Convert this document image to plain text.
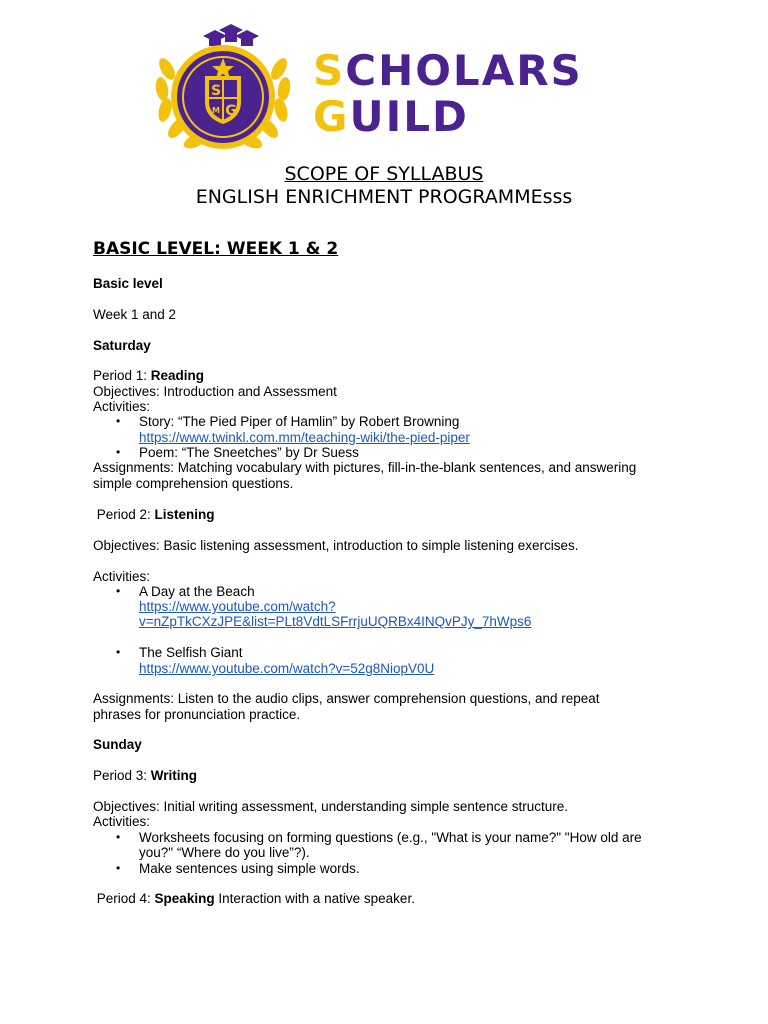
S
G
M
SCHOLARS
GUILD
SCOPE OF SYLLABUS
ENGLISH ENRICHMENT PROGRAMMEsss
BASIC LEVEL: WEEK 1 & 2
Basic level
Week 1 and 2
Saturday
Period 1: Reading
Objectives: Introduction and Assessment
Activities:
• Story: “The Pied Piper of Hamlin” by Robert Browning
https://www.twinkl.com.mm/teaching-wiki/the-pied-piper
• Poem: “The Sneetches” by Dr Suess
Assignments: Matching vocabulary with pictures, fill-in-the-blank sentences, and answering
simple comprehension questions.
Period 2: Listening
Objectives: Basic listening assessment, introduction to simple listening exercises.
Activities:
• A Day at the Beach
https://www.youtube.com/watch?
v=nZpTkCXzJPE&list=PLt8VdtLSFrrjuUQRBx4INQvPJy_7hWps6
• The Selfish Giant
https://www.youtube.com/watch?v=52g8NiopV0U
Assignments: Listen to the audio clips, answer comprehension questions, and repeat
phrases for pronunciation practice.
Sunday
Period 3: Writing
Objectives: Initial writing assessment, understanding simple sentence structure.
Activities:
• Worksheets focusing on forming questions (e.g., "What is your name?" "How old are
you?" “Where do you live”?).
• Make sentences using simple words.
Period 4: Speaking Interaction with a native speaker.
